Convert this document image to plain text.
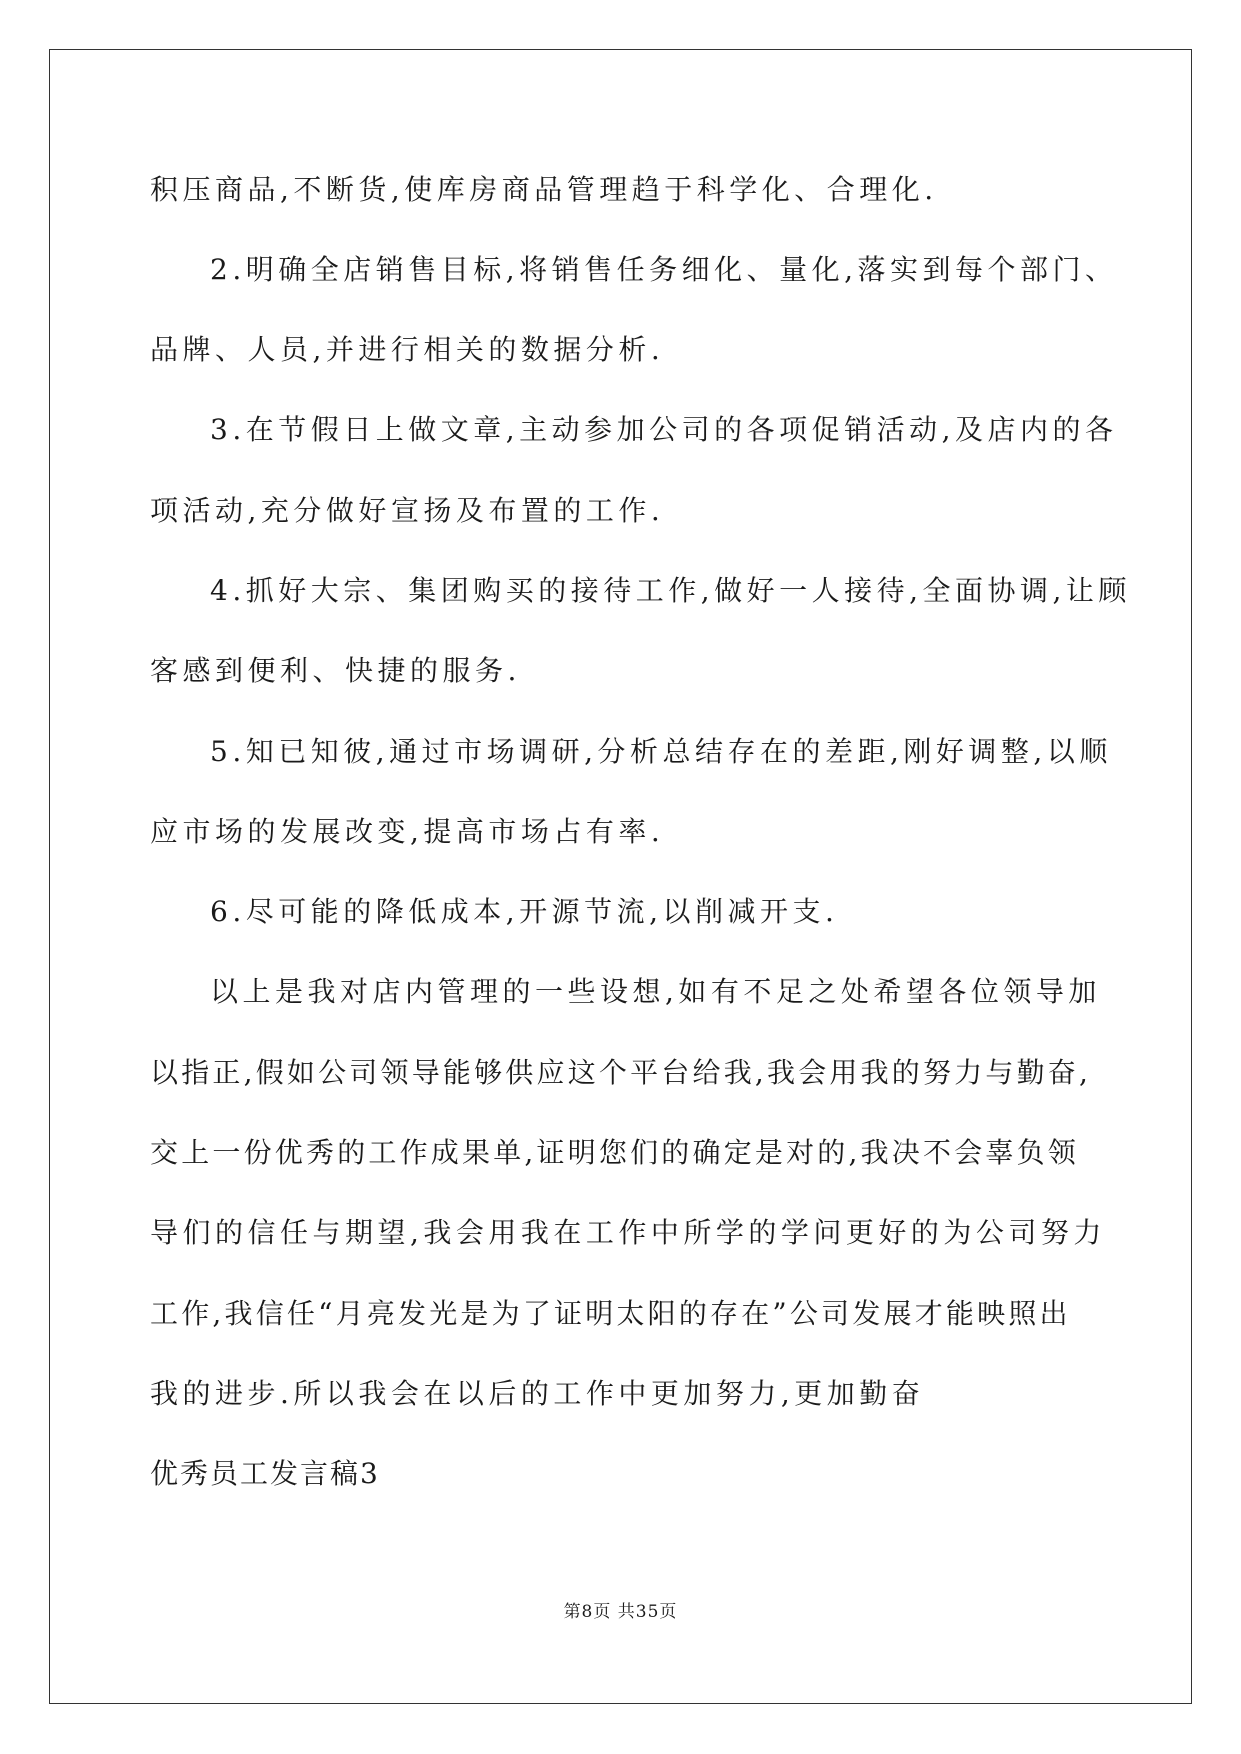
积压商品,不断货,使库房商品管理趋于科学化、合理化.
2.明确全店销售目标,将销售任务细化、量化,落实到每个部门、
品牌、人员,并进行相关的数据分析.
3.在节假日上做文章,主动参加公司的各项促销活动,及店内的各
项活动,充分做好宣扬及布置的工作.
4.抓好大宗、集团购买的接待工作,做好一人接待,全面协调,让顾
客感到便利、快捷的服务.
5.知已知彼,通过市场调研,分析总结存在的差距,刚好调整,以顺
应市场的发展改变,提高市场占有率.
6.尽可能的降低成本,开源节流,以削减开支.
以上是我对店内管理的一些设想,如有不足之处希望各位领导加
以指正,假如公司领导能够供应这个平台给我,我会用我的努力与勤奋,
交上一份优秀的工作成果单,证明您们的确定是对的,我决不会辜负领
导们的信任与期望,我会用我在工作中所学的学问更好的为公司努力
工作,我信任“月亮发光是为了证明太阳的存在”公司发展才能映照出
我的进步.所以我会在以后的工作中更加努力,更加勤奋
优秀员工发言稿3
第8页 共35页
